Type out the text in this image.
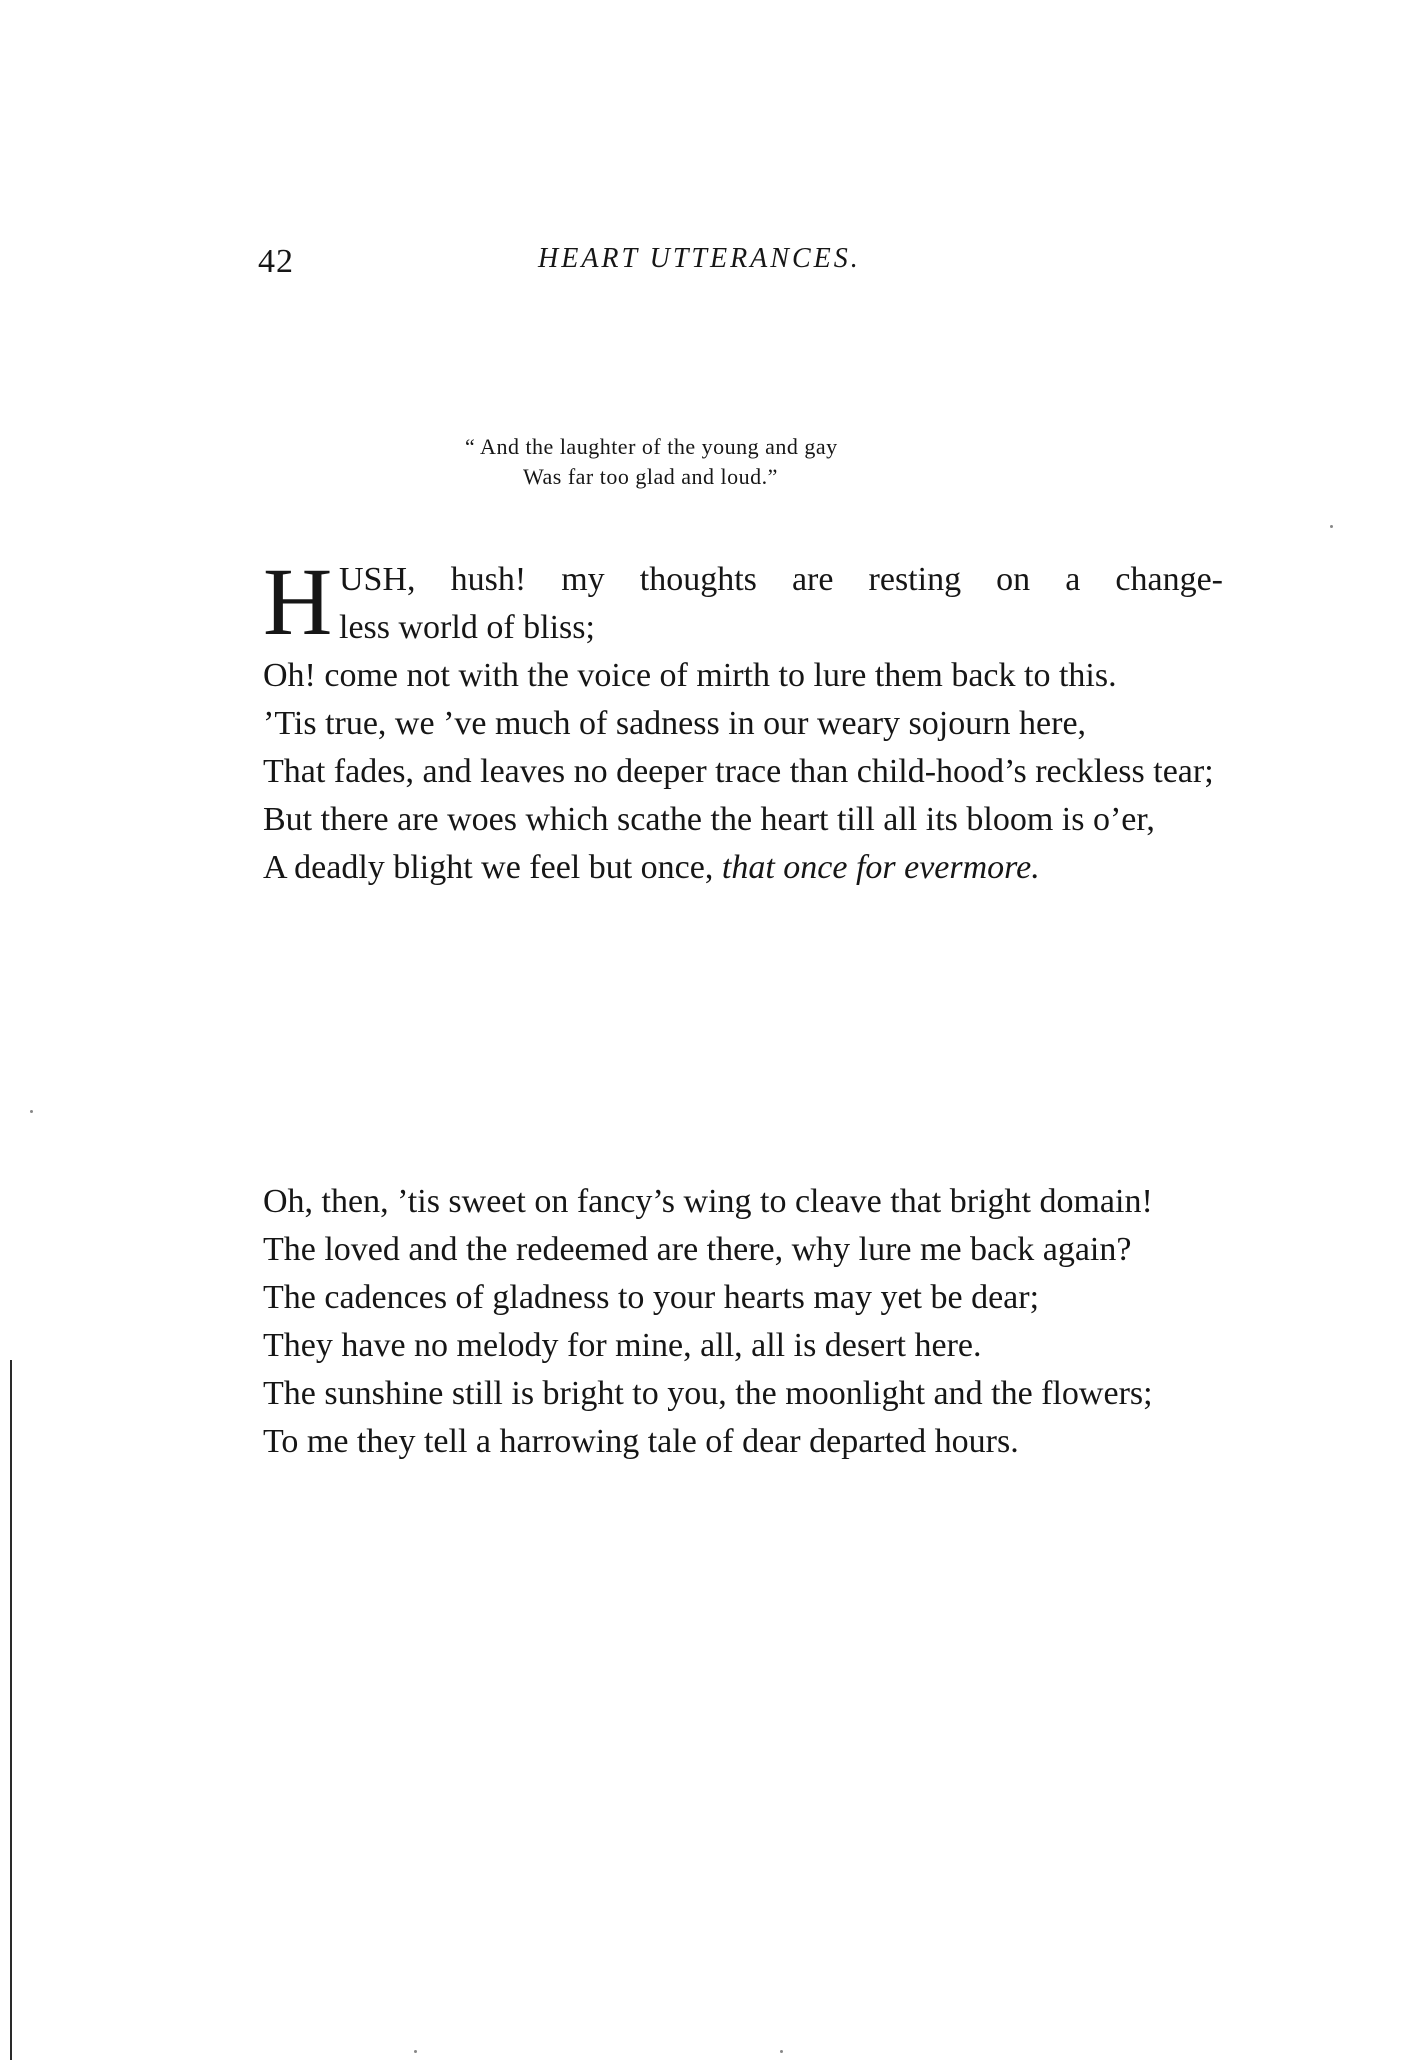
42	HEART UTTERANCES.
“ And the laughter of the young and gay
Was far too glad and loud.”
H USH, hush! my thoughts are resting on a change-
less world of bliss;

Oh! come not with the voice of mirth to lure them back to this.

’Tis true, we ’ve much of sadness in our weary sojourn here,

That fades, and leaves no deeper trace than child-hood’s reckless tear;

But there are woes which scathe the heart till all its bloom is o’er,

A deadly blight we feel but once, that once for evermore.

Oh, then, ’tis sweet on fancy’s wing to cleave that bright domain!

The loved and the redeemed are there, why lure me back again?

The cadences of gladness to your hearts may yet be dear;

They have no melody for mine, all, all is desert here.

The sunshine still is bright to you, the moonlight and the flowers;

To me they tell a harrowing tale of dear departed hours.
